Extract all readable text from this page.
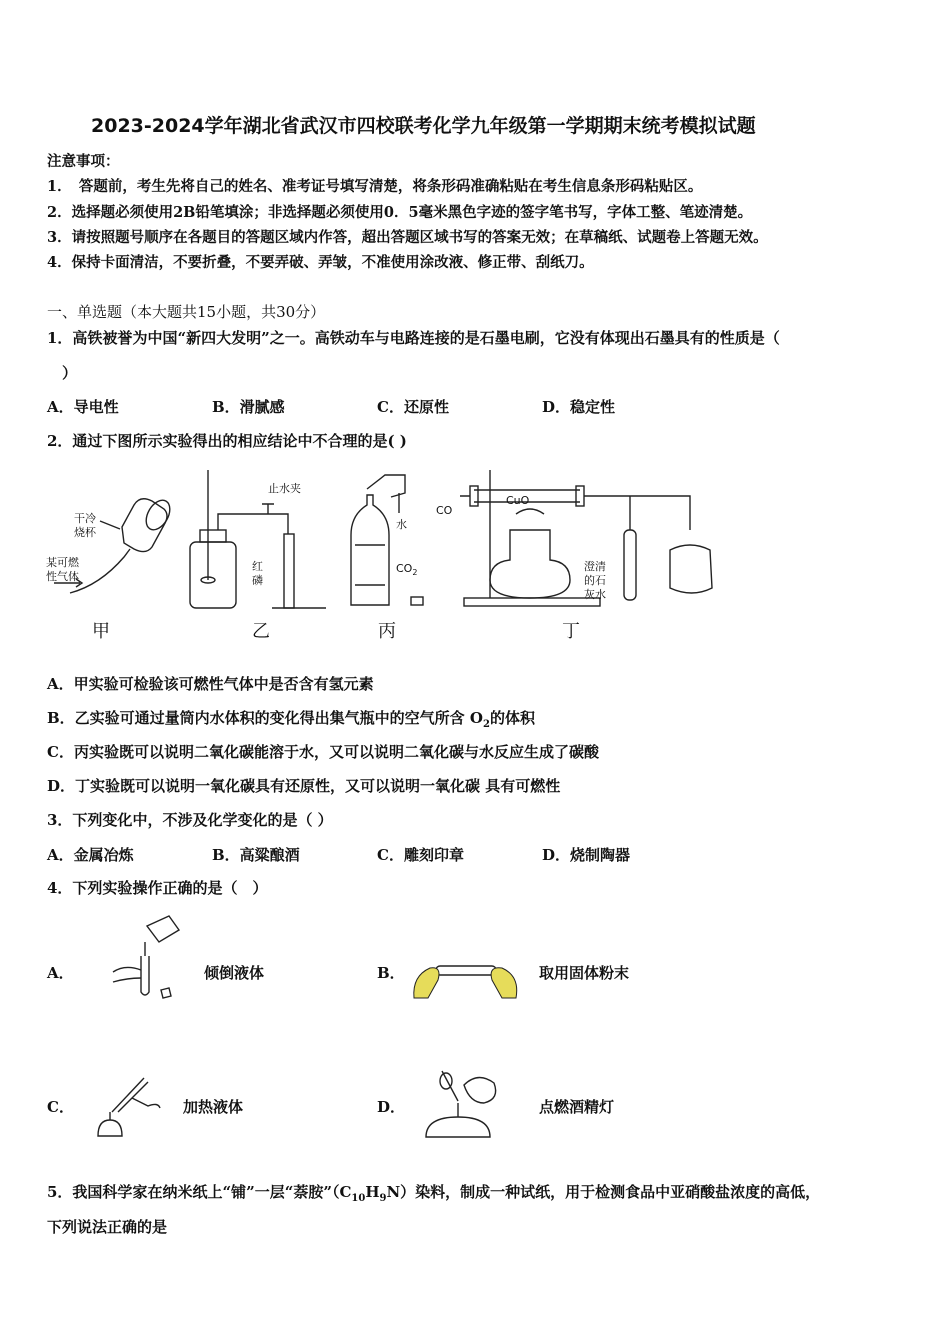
2023-2024学年湖北省武汉市四校联考化学九年级第一学期期末统考模拟试题
注意事项：
1．　答题前，考生先将自己的姓名、准考证号填写清楚，将条形码准确粘贴在考生信息条形码粘贴区。
2．选择题必须使用2B铅笔填涂；非选择题必须使用0．5毫米黑色字迹的签字笔书写，字体工整、笔迹清楚。
3．请按照题号顺序在各题目的答题区域内作答，超出答题区域书写的答案无效；在草稿纸、试题卷上答题无效。
4．保持卡面清洁，不要折叠，不要弄破、弄皱，不准使用涂改液、修正带、刮纸刀。
一、单选题（本大题共15小题，共30分）
1．高铁被誉为中国“新四大发明”之一。高铁动车与电路连接的是石墨电刷，它没有体现出石墨具有的性质是（
）
A．导电性	B．滑腻感	C．还原性	D．稳定性
2．通过下图所示实验得出的相应结论中不合理的是( )
干冷
烧杯
某可燃
性气体
止水夹
红
磷
水
$CO_2$
CO
CuO
澄清
的石
灰水
甲	乙	丙	丁
A．甲实验可检验该可燃性气体中是否含有氢元素
B．乙实验可通过量筒内水体积的变化得出集气瓶中的空气所含 $O_2$的体积
C．丙实验既可以说明二氧化碳能溶于水，又可以说明二氧化碳与水反应生成了碳酸
D．丁实验既可以说明一氧化碳具有还原性，又可以说明一氧化碳 具有可燃性
3．下列变化中，不涉及化学变化的是（ ）
A．金属冶炼	B．高粱酿酒	C．雕刻印章	D．烧制陶器
4．下列实验操作正确的是（　）
A．	倾倒液体	B．	取用固体粉末
C．	加热液体	D．	点燃酒精灯
5．我国科学家在纳米纸上“铺”一层“萘胺$”(C_{10}H_9N)$染料，制成一种试纸，用于检测食品中亚硝酸盐浓度的高低，
下列说法正确的是
